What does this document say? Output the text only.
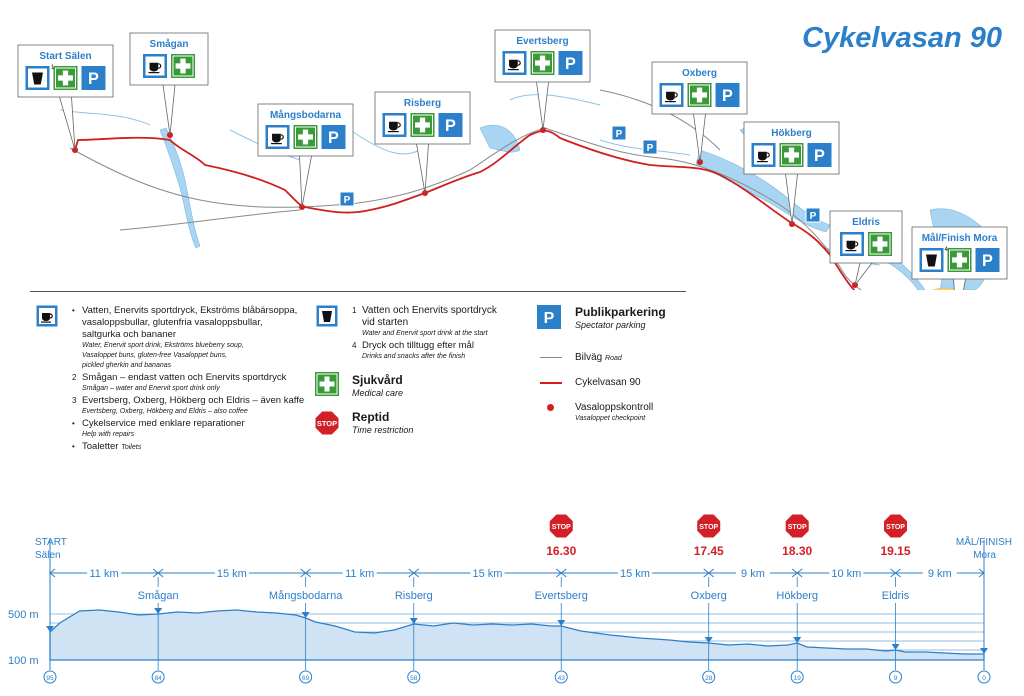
P
P
P
P
Start Sälen
P
1
Smågan
Mångsbodarna
P
Risberg
P
Evertsberg
P
Oxberg
P
Hökberg
P
Eldris
Mål/Finish Mora
P
4
Cykelvasan 90
• Vatten, Enervits sportdryck, Ekströms blåbärsoppa,
vasaloppsbullar, glutenfria vasaloppsbullar,
saltgurka och bananer
Water, Enervit sport drink, Ekströms blueberry soup,
Vasaloppet buns, gluten-free Vasaloppet buns,
pickled gherkin and bananas
2 Smågan – endast vatten och Enervits sportdryck
Smågan – water and Enervit sport drink only
3 Evertsberg, Oxberg, Hökberg och Eldris – även kaffe
Evertsberg, Oxberg, Hökberg and Eldris – also coffee
• Cykelservice med enklare reparationer
Help with repairs
• Toaletter Toilets
1 Vatten och Enervits sportdryck
vid starten
Water and Enervit sport drink at the start
4 Dryck och tilltugg efter mål
Drinks and snacks after the finish
Sjukvård
Medical care
STOP Reptid
Time restriction
P Publikparkering
Spectator parking
Bilväg Road
Cykelvasan 90
Vasaloppskontroll
Vasaloppet checkpoint
500 m
100 m
START
Sälen
MÅL/FINISH
Mora
11 km	15 km	11 km	15 km	15 km	9 km	10 km	9 km
95
Smågan
84
Mångsbodarna
69
Risberg
58
Evertsberg
43
Oxberg
28
Hökberg
19
Eldris
9	0
STOP
16.30
STOP
17.45
STOP
18.30
STOP
19.15
